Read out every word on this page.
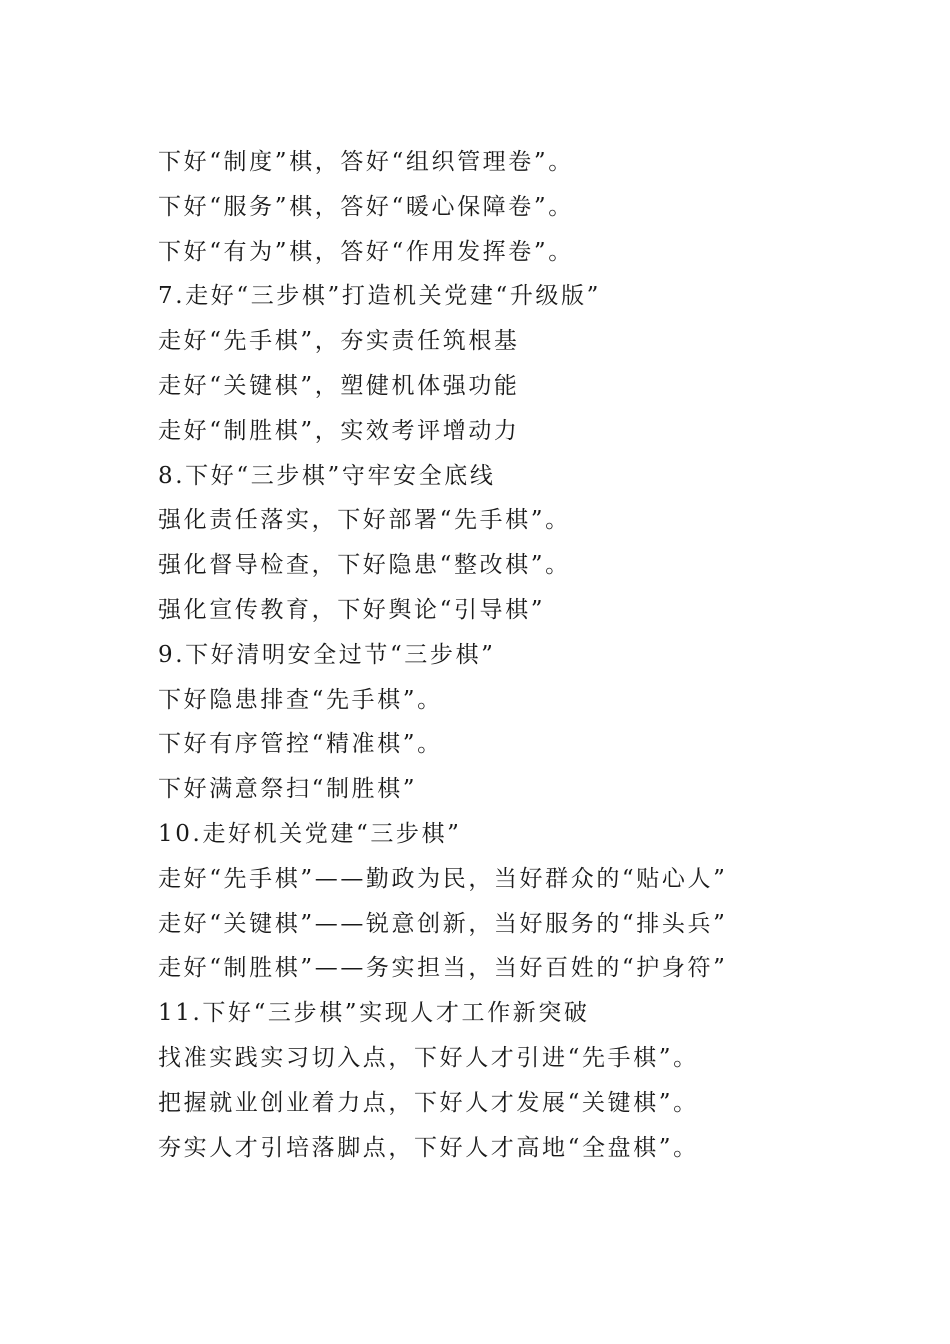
下好“制度”棋，答好“组织管理卷”。
下好“服务”棋，答好“暖心保障卷”。
下好“有为”棋，答好“作用发挥卷”。
7.走好“三步棋”打造机关党建“升级版”
走好“先手棋”，夯实责任筑根基
走好“关键棋”，塑健机体强功能
走好“制胜棋”，实效考评增动力
8.下好“三步棋”守牢安全底线
强化责任落实，下好部署“先手棋”。
强化督导检查，下好隐患“整改棋”。
强化宣传教育，下好舆论“引导棋”
9.下好清明安全过节“三步棋”
下好隐患排查“先手棋”。
下好有序管控“精准棋”。
下好满意祭扫“制胜棋”
10.走好机关党建“三步棋”
走好“先手棋”——勤政为民，当好群众的“贴心人”
走好“关键棋”——锐意创新，当好服务的“排头兵”
走好“制胜棋”——务实担当，当好百姓的“护身符”
11.下好“三步棋”实现人才工作新突破
找准实践实习切入点，下好人才引进“先手棋”。
把握就业创业着力点，下好人才发展“关键棋”。
夯实人才引培落脚点，下好人才高地“全盘棋”。
